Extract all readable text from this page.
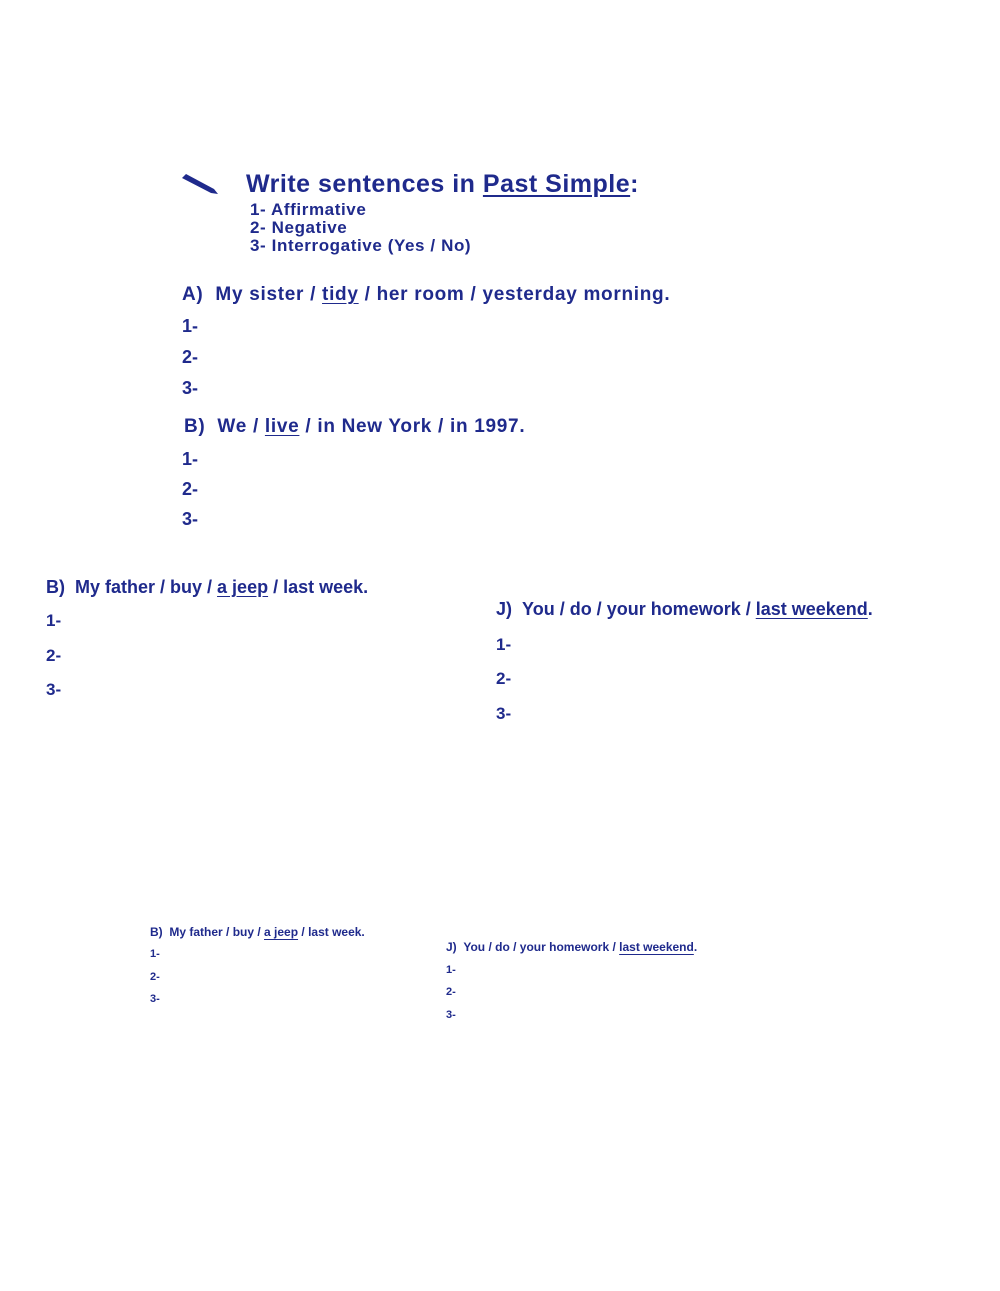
Write sentences in Past Simple:
1- Affirmative
2- Negative
3- Interrogative (Yes / No)
A) My sister / tidy / her room / yesterday morning.
1-
2-
3-
B) We / live / in New York / in 1997.
1-
2-
3-
B) My father / buy / a jeep / last week.
1-
2-
3-
J) You / do / your homework / last weekend.
1-
2-
3-
B) My father / buy / a jeep / last week.
1-
2-
3-
J) You / do / your homework / last weekend.
1-
2-
3-
